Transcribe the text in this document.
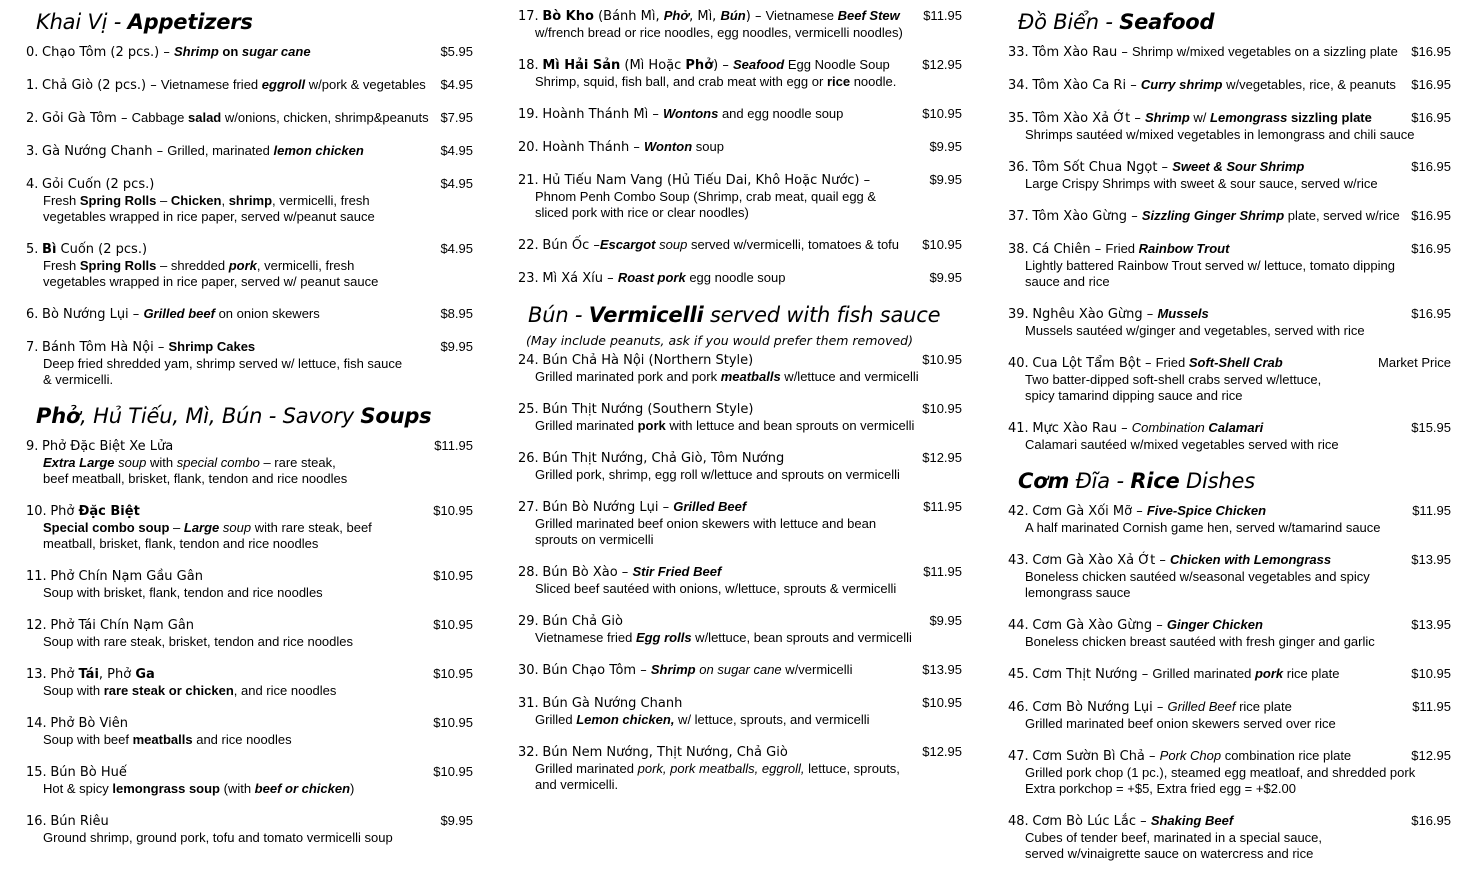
Khai Vị - Appetizers
0. Chạo Tôm (2 pcs.) – Shrimp on sugar cane	$5.95
1. Chả Giò (2 pcs.) – Vietnamese fried eggroll w/pork & vegetables	$4.95
2. Gỏi Gà Tôm – Cabbage salad w/onions, chicken, shrimp&peanuts $7.95
3. Gà Nướng Chanh – Grilled, marinated lemon chicken	$4.95
4. Gỏi Cuốn (2 pcs.)	$4.95
Fresh Spring Rolls – Chicken, shrimp, vermicelli, fresh
vegetables wrapped in rice paper, served w/peanut sauce
5. Bì Cuốn (2 pcs.)	$4.95
Fresh Spring Rolls – shredded pork, vermicelli, fresh
vegetables wrapped in rice paper, served w/ peanut sauce
6. Bò Nướng Lụi – Grilled beef on onion skewers	$8.95
7. Bánh Tôm Hà Nội – Shrimp Cakes	$9.95
Deep fried shredded yam, shrimp served w/ lettuce, fish sauce
& vermicelli.
Phở, Hủ Tiếu, Mì, Bún - Savory Soups
9. Phở Đặc Biệt Xe Lửa	$11.95
Extra Large soup with special combo – rare steak,
beef meatball, brisket, flank, tendon and rice noodles
10. Phở Đặc Biệt	$10.95
Special combo soup – Large soup with rare steak, beef
meatball, brisket, flank, tendon and rice noodles
11. Phở Chín Nạm Gầu Gân	$10.95
Soup with brisket, flank, tendon and rice noodles
12. Phở Tái Chín Nạm Gân	$10.95
Soup with rare steak, brisket, tendon and rice noodles
13. Phở Tái, Phở Ga	$10.95
Soup with rare steak or chicken, and rice noodles
14. Phở Bò Viên	$10.95
Soup with beef meatballs and rice noodles
15. Bún Bò Huế	$10.95
Hot & spicy lemongrass soup (with beef or chicken)
16. Bún Riêu	$9.95
Ground shrimp, ground pork, tofu and tomato vermicelli soup
17. Bò Kho (Bánh Mì, Phở, Mì, Bún) – Vietnamese Beef Stew	$11.95
w/french bread or rice noodles, egg noodles, vermicelli noodles)
18. Mì Hải Sản (Mì Hoặc Phở) – Seafood Egg Noodle Soup	$12.95
Shrimp, squid, fish ball, and crab meat with egg or rice noodle.
19. Hoành Thánh Mì – Wontons and egg noodle soup	$10.95
20. Hoành Thánh – Wonton soup	$9.95
21. Hủ Tiếu Nam Vang (Hủ Tiếu Dai, Khô Hoặc Nước) –	$9.95
Phnom Penh Combo Soup (Shrimp, crab meat, quail egg &
sliced pork with rice or clear noodles)
22. Bún Ốc –Escargot soup served w/vermicelli, tomatoes & tofu	$10.95
23. Mì Xá Xíu – Roast pork egg noodle soup	$9.95
Bún - Vermicelli served with fish sauce
(May include peanuts, ask if you would prefer them removed)
24. Bún Chả Hà Nội (Northern Style)	$10.95
Grilled marinated pork and pork meatballs w/lettuce and vermicelli
25. Bún Thịt Nướng (Southern Style)	$10.95
Grilled marinated pork with lettuce and bean sprouts on vermicelli
26. Bún Thịt Nướng, Chả Giò, Tôm Nướng	$12.95
Grilled pork, shrimp, egg roll w/lettuce and sprouts on vermicelli
27. Bún Bò Nướng Lụi – Grilled Beef	$11.95
Grilled marinated beef onion skewers with lettuce and bean
sprouts on vermicelli
28. Bún Bò Xào – Stir Fried Beef	$11.95
Sliced beef sautéed with onions, w/lettuce, sprouts & vermicelli
29. Bún Chả Giò	$9.95
Vietnamese fried Egg rolls w/lettuce, bean sprouts and vermicelli
30. Bún Chạo Tôm – Shrimp on sugar cane w/vermicelli	$13.95
31. Bún Gà Nướng Chanh	$10.95
Grilled Lemon chicken, w/ lettuce, sprouts, and vermicelli
32. Bún Nem Nướng, Thịt Nướng, Chả Giò	$12.95
Grilled marinated pork, pork meatballs, eggroll, lettuce, sprouts,
and vermicelli.
Đồ Biển - Seafood
33. Tôm Xào Rau – Shrimp w/mixed vegetables on a sizzling plate	$16.95
34. Tôm Xào Ca Ri – Curry shrimp w/vegetables, rice, & peanuts	$16.95
35. Tôm Xào Xả Ớt – Shrimp w/ Lemongrass sizzling plate	$16.95
Shrimps sautéed w/mixed vegetables in lemongrass and chili sauce
36. Tôm Sốt Chua Ngọt – Sweet & Sour Shrimp	$16.95
Large Crispy Shrimps with sweet & sour sauce, served w/rice
37. Tôm Xào Gừng – Sizzling Ginger Shrimp plate, served w/rice $16.95
38. Cá Chiên – Fried Rainbow Trout	$16.95
Lightly battered Rainbow Trout served w/ lettuce, tomato dipping
sauce and rice
39. Nghêu Xào Gừng – Mussels	$16.95
Mussels sautéed w/ginger and vegetables, served with rice
40. Cua Lột Tẩm Bột – Fried Soft-Shell Crab	Market Price
Two batter-dipped soft-shell crabs served w/lettuce,
spicy tamarind dipping sauce and rice
41. Mực Xào Rau – Combination Calamari	$15.95
Calamari sautéed w/mixed vegetables served with rice
Cơm Đĩa - Rice Dishes
42. Cơm Gà Xối Mỡ – Five-Spice Chicken	$11.95
A half marinated Cornish game hen, served w/tamarind sauce
43. Cơm Gà Xào Xả Ớt – Chicken with Lemongrass	$13.95
Boneless chicken sautéed w/seasonal vegetables and spicy
lemongrass sauce
44. Cơm Gà Xào Gừng – Ginger Chicken	$13.95
Boneless chicken breast sautéed with fresh ginger and garlic
45. Cơm Thịt Nướng – Grilled marinated pork rice plate	$10.95
46. Cơm Bò Nướng Lụi – Grilled Beef rice plate	$11.95
Grilled marinated beef onion skewers served over rice
47. Cơm Sườn Bì Chả – Pork Chop combination rice plate	$12.95
Grilled pork chop (1 pc.), steamed egg meatloaf, and shredded pork
Extra porkchop = +$5, Extra fried egg = +$2.00
48. Cơm Bò Lúc Lắc – Shaking Beef	$16.95
Cubes of tender beef, marinated in a special sauce,
served w/vinaigrette sauce on watercress and rice
